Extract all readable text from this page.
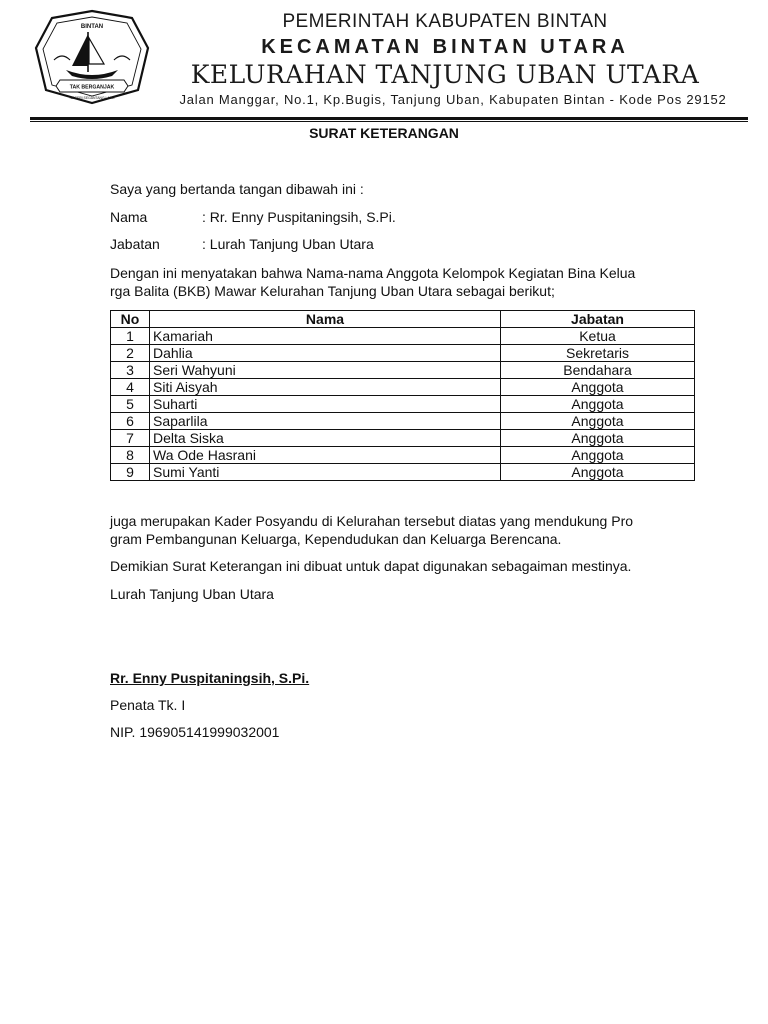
BINTAN
TAK BERGANJAK
NEGERI SEGANTANG LADA
PEMERINTAH KABUPATEN BINTAN
KECAMATAN BINTAN UTARA
KELURAHAN TANJUNG UBAN UTARA
Jalan Manggar, No.1, Kp.Bugis, Tanjung Uban, Kabupaten Bintan - Kode Pos 29152
SURAT KETERANGAN
Saya yang bertanda tangan dibawah ini :
Nama	: Rr. Enny Puspitaningsih, S.Pi.
Jabatan	: Lurah Tanjung Uban Utara
Dengan ini menyatakan bahwa Nama-nama Anggota Kelompok Kegiatan Bina Kelua
rga Balita (BKB) Mawar Kelurahan Tanjung Uban Utara sebagai berikut;
No	Nama	Jabatan
1	Kamariah	Ketua
2	Dahlia	Sekretaris
3	Seri Wahyuni	Bendahara
4	Siti Aisyah	Anggota
5	Suharti	Anggota
6	Saparlila	Anggota
7	Delta Siska	Anggota
8	Wa Ode Hasrani	Anggota
9	Sumi Yanti	Anggota
juga merupakan Kader Posyandu di Kelurahan tersebut diatas yang mendukung Pro
gram Pembangunan Keluarga, Kependudukan dan Keluarga Berencana.
Demikian Surat Keterangan ini dibuat untuk dapat digunakan sebagaiman mestinya.
Lurah Tanjung Uban Utara
Rr. Enny Puspitaningsih, S.Pi.
Penata Tk. I
NIP. 196905141999032001
